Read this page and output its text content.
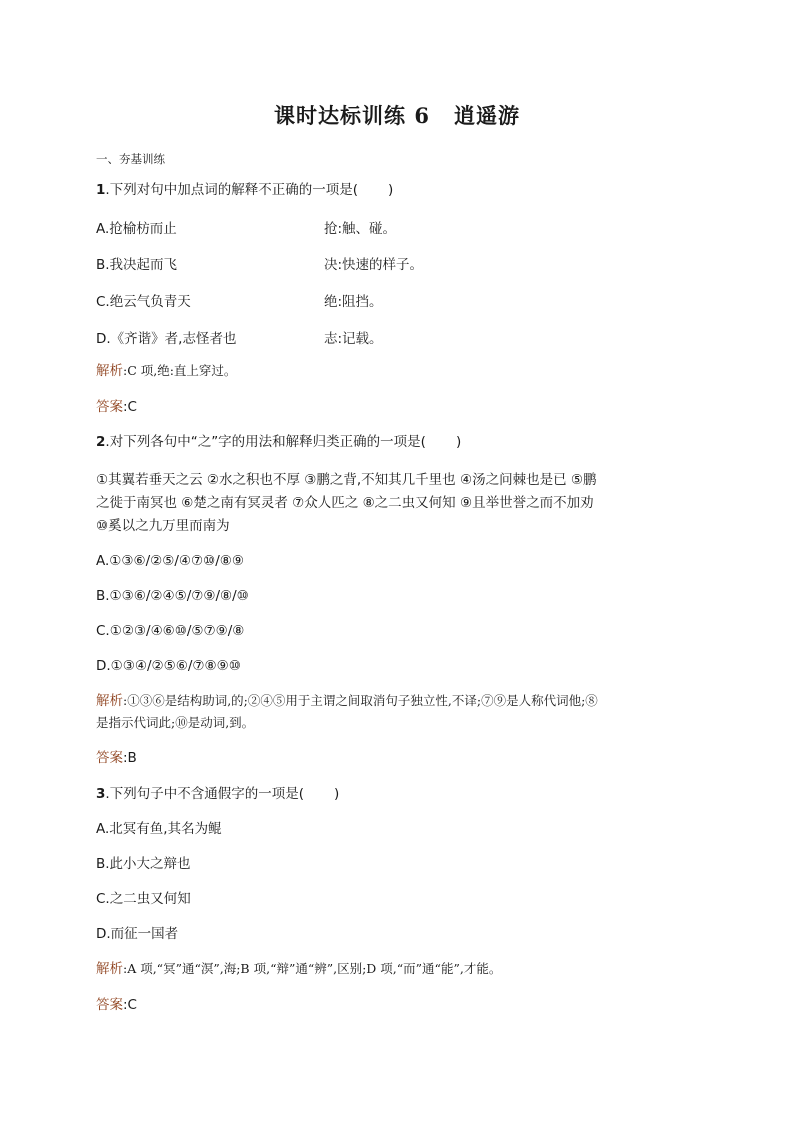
课时达标训练 6 逍遥游
一、夯基训练
1.下列对句中加点词的解释不正确的一项是( )
A.抢榆枋而止	抢:触、碰。
B.我决起而飞	决:快速的样子。
C.绝云气负青天	绝:阻挡。
D.《齐谐》者,志怪者也	志:记载。
解析:C 项,绝:直上穿过。
答案:C
2.对下列各句中“之”字的用法和解释归类正确的一项是( )
①其翼若垂天之云 ②水之积也不厚 ③鹏之背,不知其几千里也 ④汤之问棘也是已 ⑤鹏
之徙于南冥也 ⑥楚之南有冥灵者 ⑦众人匹之 ⑧之二虫又何知 ⑨且举世誉之而不加劝
⑩奚以之九万里而南为
A.①③⑥/②⑤/④⑦⑩/⑧⑨
B.①③⑥/②④⑤/⑦⑨/⑧/⑩
C.①②③/④⑥⑩/⑤⑦⑨/⑧
D.①③④/②⑤⑥/⑦⑧⑨⑩
解析:①③⑥是结构助词,的;②④⑤用于主谓之间取消句子独立性,不译;⑦⑨是人称代词他;⑧
是指示代词此;⑩是动词,到。
答案:B
3.下列句子中不含通假字的一项是( )
A.北冥有鱼,其名为鲲
B.此小大之辩也
C.之二虫又何知
D.而征一国者
解析:A 项,“冥”通“溟”,海;B 项,“辩”通“辨”,区别;D 项,“而”通“能”,才能。
答案:C
